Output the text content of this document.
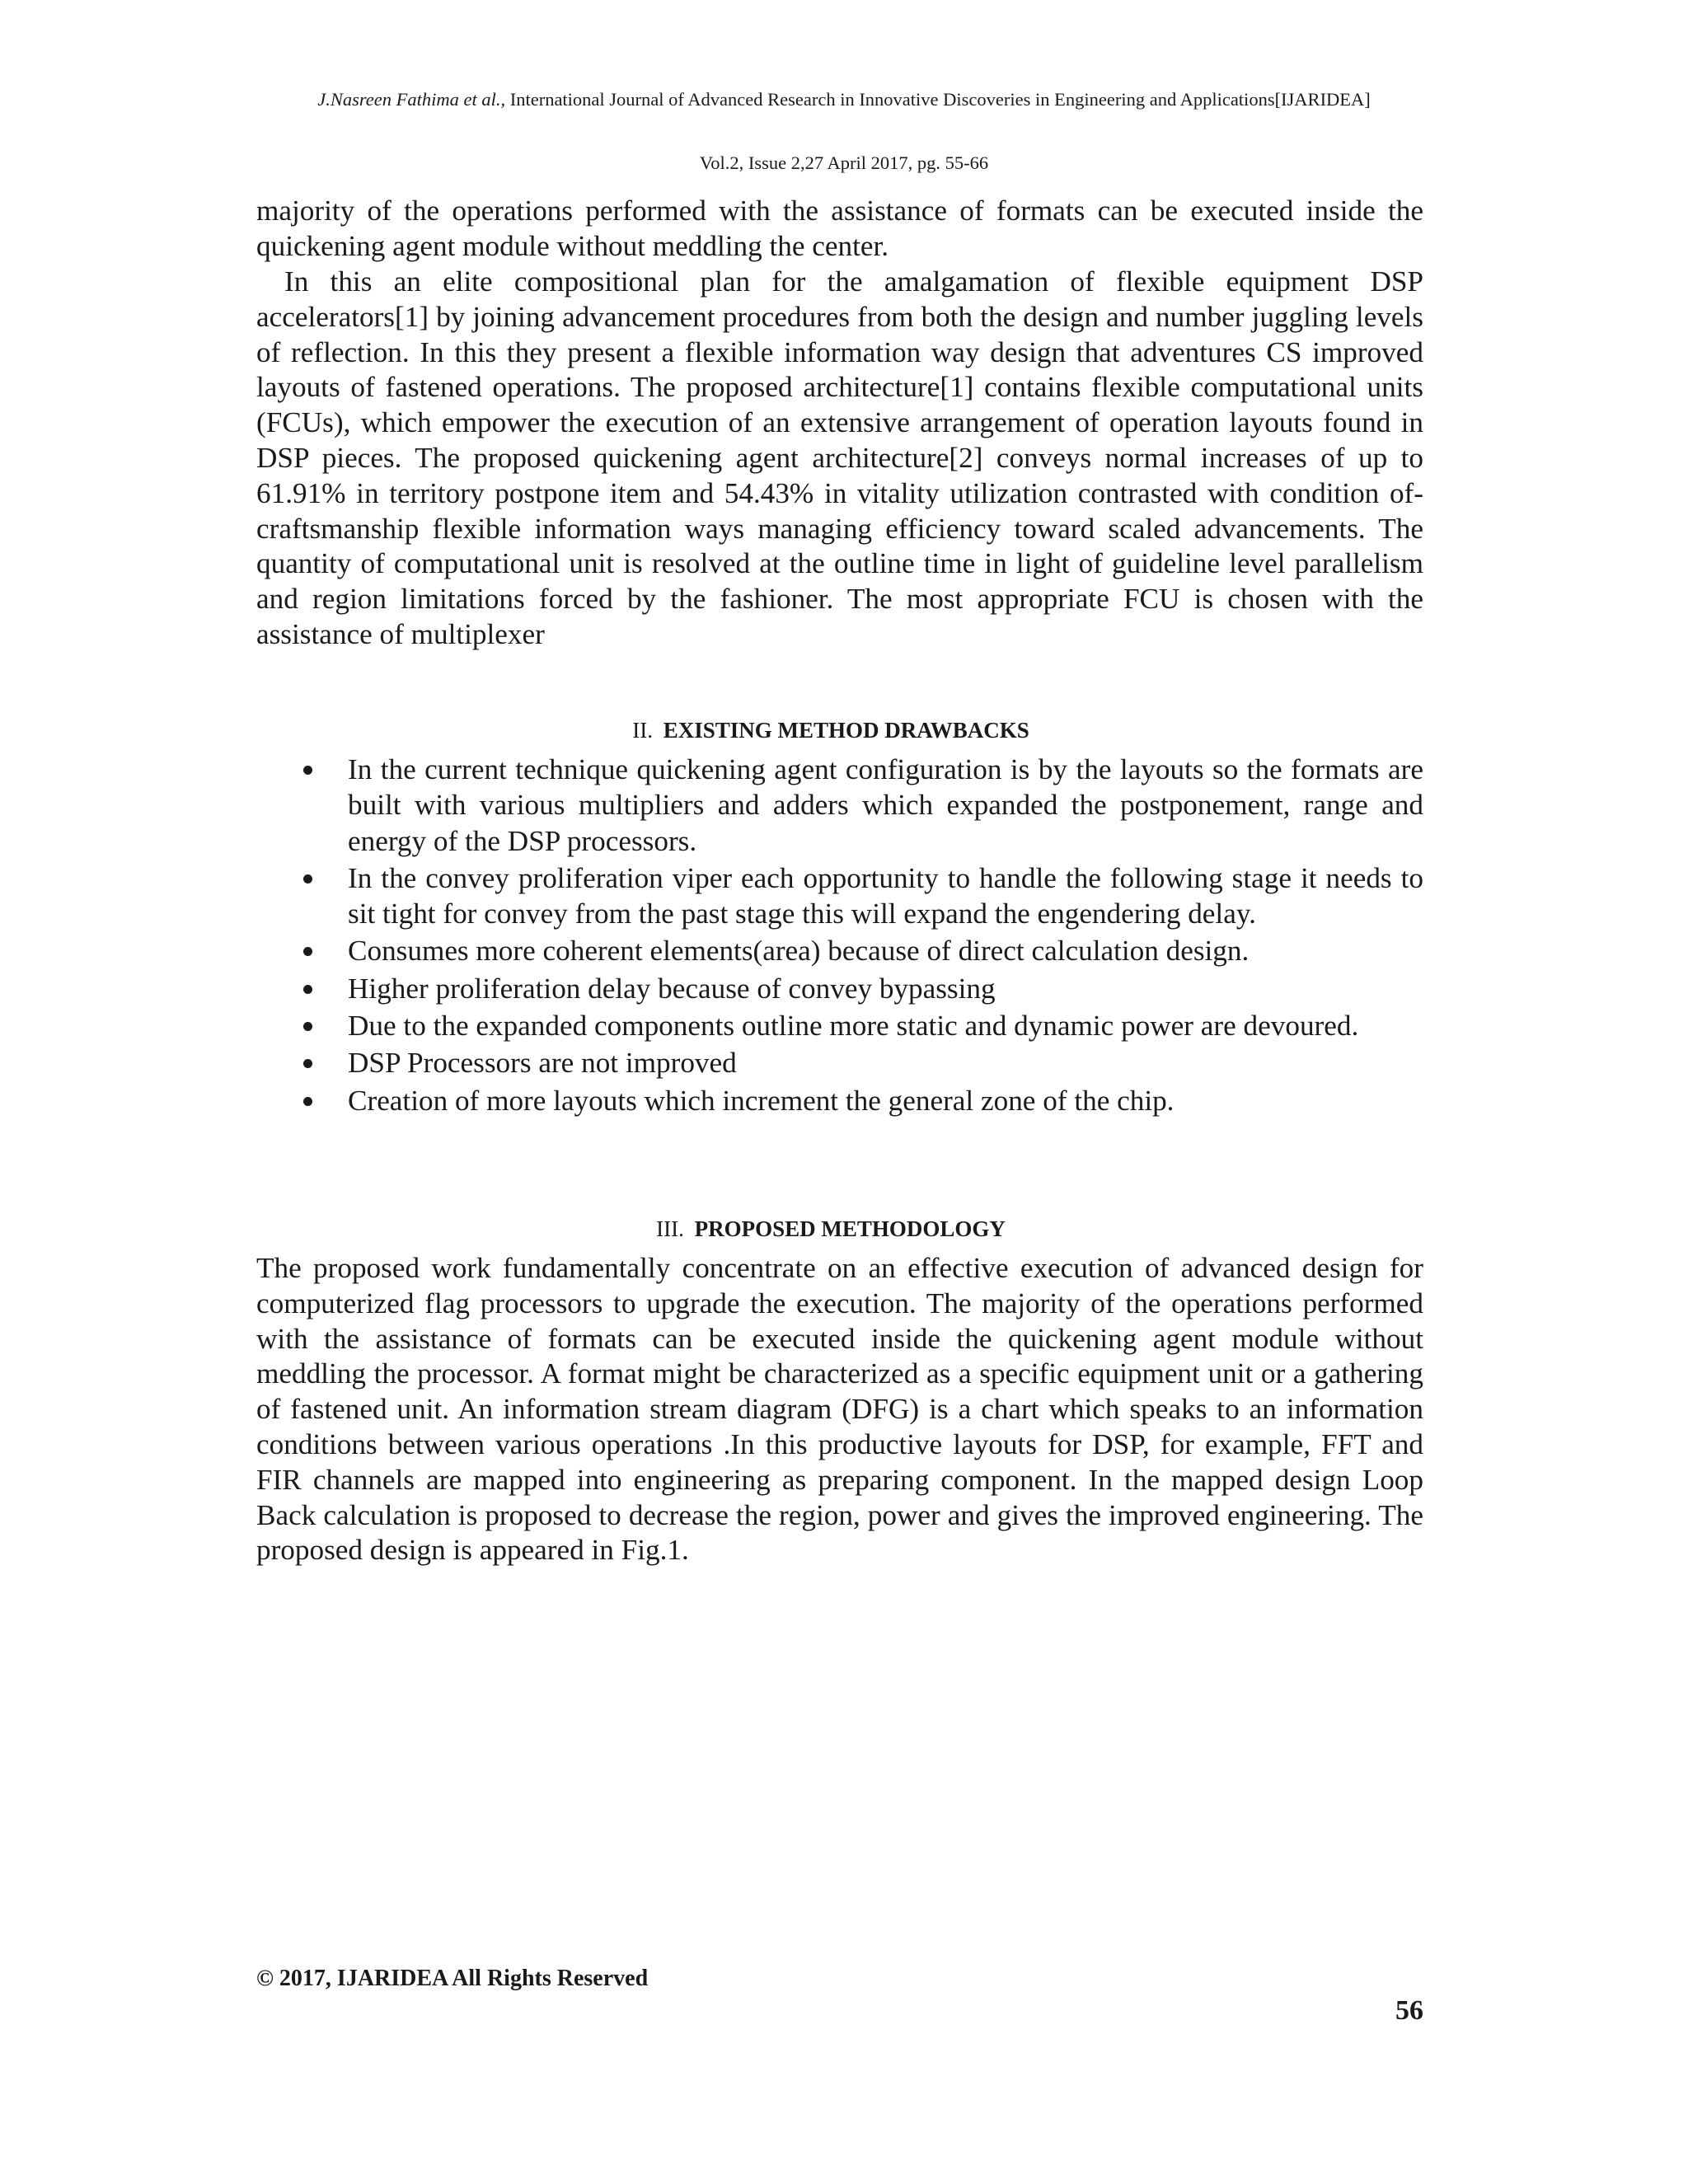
J.Nasreen Fathima et al., International Journal of Advanced Research in Innovative Discoveries in Engineering and Applications[IJARIDEA]
Vol.2, Issue 2,27 April 2017, pg. 55-66

majority of the operations performed with the assistance of formats can be executed inside the quickening agent module without meddling the center.

In this an elite compositional plan for the amalgamation of flexible equipment DSP accelerators[1] by joining advancement procedures from both the design and number juggling levels of reflection. In this they present a flexible information way design that adventures CS improved layouts of fastened operations. The proposed architecture[1] contains flexible computational units (FCUs), which empower the execution of an extensive arrangement of operation layouts found in DSP pieces. The proposed quickening agent architecture[2] conveys normal increases of up to 61.91% in territory postpone item and 54.43% in vitality utilization contrasted with condition of-craftsmanship flexible information ways managing efficiency toward scaled advancements. The quantity of computational unit is resolved at the outline time in light of guideline level parallelism and region limitations forced by the fashioner. The most appropriate FCU is chosen with the assistance of multiplexer

II. EXISTING METHOD DRAWBACKS
In the current technique quickening agent configuration is by the layouts so the formats are built with various multipliers and adders which expanded the postponement, range and energy of the DSP processors.
In the convey proliferation viper each opportunity to handle the following stage it needs to sit tight for convey from the past stage this will expand the engendering delay.
Consumes more coherent elements(area) because of direct calculation design.
Higher proliferation delay because of convey bypassing
Due to the expanded components outline more static and dynamic power are devoured.
DSP Processors are not improved
Creation of more layouts which increment the general zone of the chip.
III. PROPOSED METHODOLOGY

The proposed work fundamentally concentrate on an effective execution of advanced design for computerized flag processors to upgrade the execution. The majority of the operations performed with the assistance of formats can be executed inside the quickening agent module without meddling the processor. A format might be characterized as a specific equipment unit or a gathering of fastened unit. An information stream diagram (DFG) is a chart which speaks to an information conditions between various operations .In this productive layouts for DSP, for example, FFT and FIR channels are mapped into engineering as preparing component. In the mapped design Loop Back calculation is proposed to decrease the region, power and gives the improved engineering. The proposed design is appeared in Fig.1.

© 2017, IJARIDEA All Rights Reserved
56
